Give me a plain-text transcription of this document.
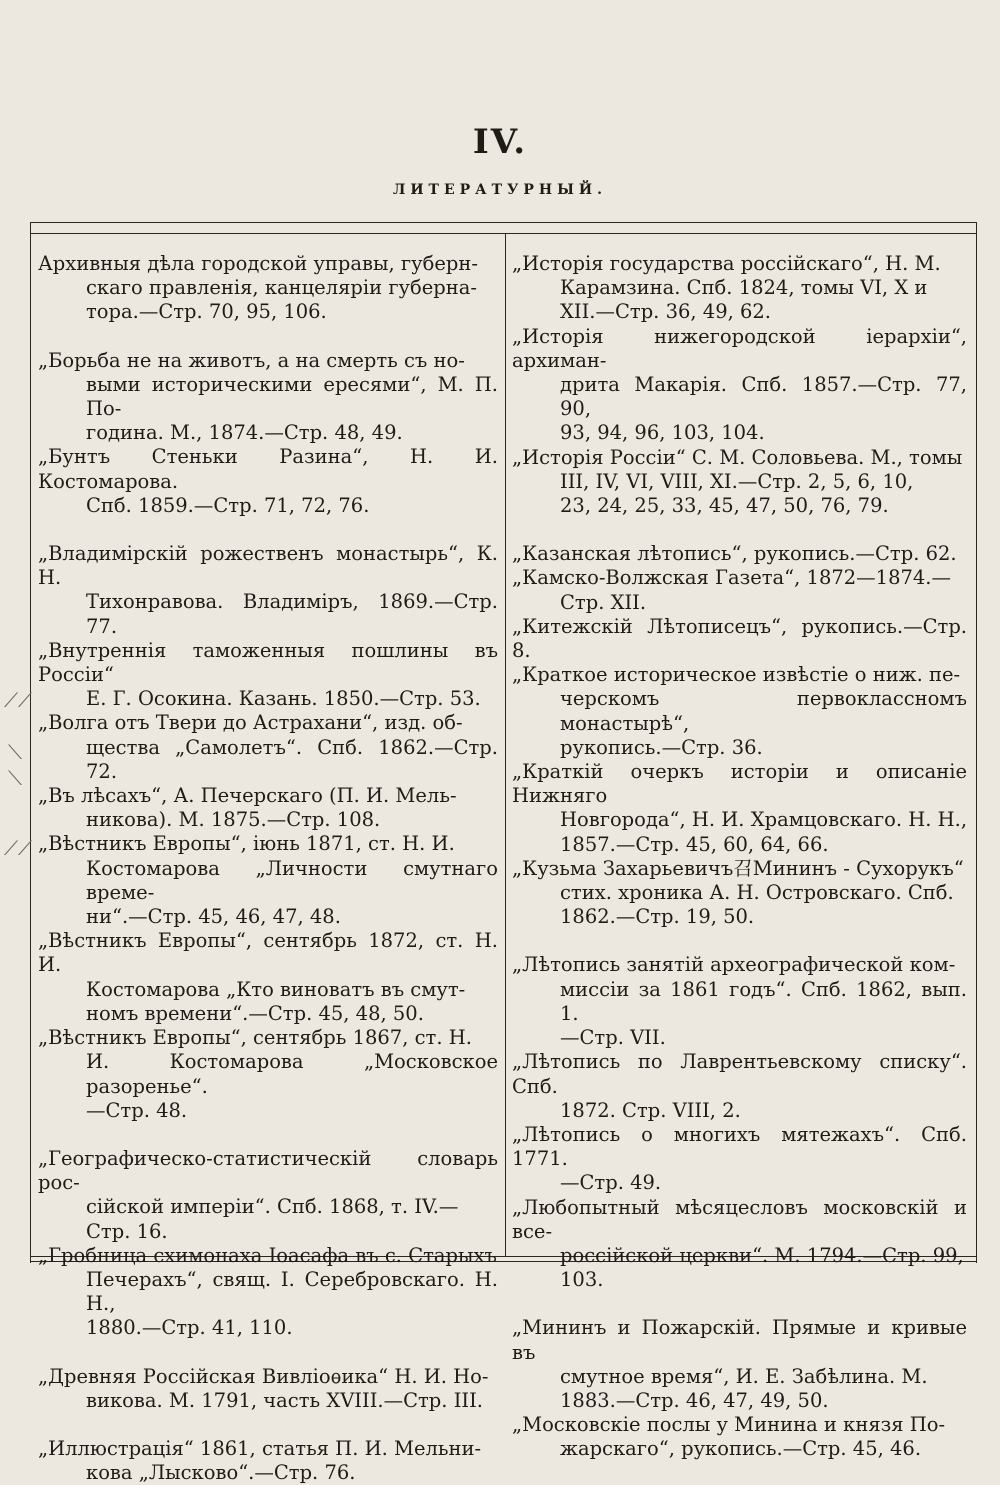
IV.
ЛИТЕРАТУРНЫЙ.
Архивныя дѣла городской управы, губерн-
скаго правленія, канцеляріи губерна-
тора.—Стр. 70, 95, 106.
„Борьба не на животъ, а на смерть съ но-
выми историческими ересями“, М. П. По-
година. М., 1874.—Стр. 48, 49.
„Бунтъ Стеньки Разина“, Н. И. Костомарова.
Спб. 1859.—Стр. 71, 72, 76.
„Владимірскій рожественъ монастырь“, К. Н.
Тихонравова. Владиміръ, 1869.—Стр. 77.
„Внутреннія таможенныя пошлины въ Россіи“
Е. Г. Осокина. Казань. 1850.—Стр. 53.
„Волга отъ Твери до Астрахани“, изд. об-
щества „Самолетъ“. Спб. 1862.—Стр. 72.
„Въ лѣсахъ“, А. Печерскаго (П. И. Мель-
никова). М. 1875.—Стр. 108.
„Вѣстникъ Европы“, іюнь 1871, ст. Н. И.
Костомарова „Личности смутнаго време-
ни“.—Стр. 45, 46, 47, 48.
„Вѣстникъ Европы“, сентябрь 1872, ст. Н. И.
Костомарова „Кто виноватъ въ смут-
номъ времени“.—Стр. 45, 48, 50.
„Вѣстникъ Европы“, сентябрь 1867, ст. Н.
И. Костомарова „Московское разоренье“.
—Стр. 48.
„Географическо-статистическій словарь рос-
сійской имперіи“. Спб. 1868, т. IV.—
Стр. 16.
„Гробница схимонаха Іоасафа въ с. Старыхъ
Печерахъ“, свящ. І. Серебровскаго. Н. Н.,
1880.—Стр. 41, 110.
„Древняя Россійская Вивліоѳика“ Н. И. Но-
викова. М. 1791, часть XVIII.—Стр. III.
„Иллюстрація“ 1861, статья П. И. Мельни-
кова „Лысково“.—Стр. 76.
„Исторія государства россійскаго“, Н. М.
Карамзина. Спб. 1824, томы VI, X и
XII.—Стр. 36, 49, 62.
„Исторія нижегородской іерархіи“, архиман-
дрита Макарія. Спб. 1857.—Стр. 77, 90,
93, 94, 96, 103, 104.
„Исторія Россіи“ С. М. Соловьева. М., томы
III, IV, VI, VIII, XI.—Стр. 2, 5, 6, 10,
23, 24, 25, 33, 45, 47, 50, 76, 79.
„Казанская лѣтопись“, рукопись.—Стр. 62.
„Камско-Волжская Газета“, 1872—1874.—
Стр. XII.
„Китежскій Лѣтописецъ“, рукопись.—Стр. 8.
„Краткое историческое извѣстіе о ниж. пе-
черскомъ первоклассномъ монастырѣ“,
рукопись.—Стр. 36.
„Краткій очеркъ исторіи и описаніе Нижняго
Новгорода“, Н. И. Храмцовскаго. Н. Н.,
1857.—Стр. 45, 60, 64, 66.
„Кузьма Захарьевичъ召Мининъ - Сухорукъ“
стих. хроника А. Н. Островскаго. Спб.
1862.—Стр. 19, 50.
„Лѣтопись занятій археографической ком-
миссіи за 1861 годъ“. Спб. 1862, вып. 1.
—Стр. VII.
„Лѣтопись по Лаврентьевскому списку“. Спб.
1872. Стр. VIII, 2.
„Лѣтопись о многихъ мятежахъ“. Спб. 1771.
—Стр. 49.
„Любопытный мѣсяцесловъ московскій и все-
россійской церкви“. М. 1794.—Стр. 99,
103.
„Мининъ и Пожарскій. Прямые и кривые въ
смутное время“, И. Е. Забѣлина. М.
1883.—Стр. 46, 47, 49, 50.
„Московскіе послы у Минина и князя По-
жарскаго“, рукопись.—Стр. 45, 46.
⟋⟋
⟍
⟍
⟋⟋
